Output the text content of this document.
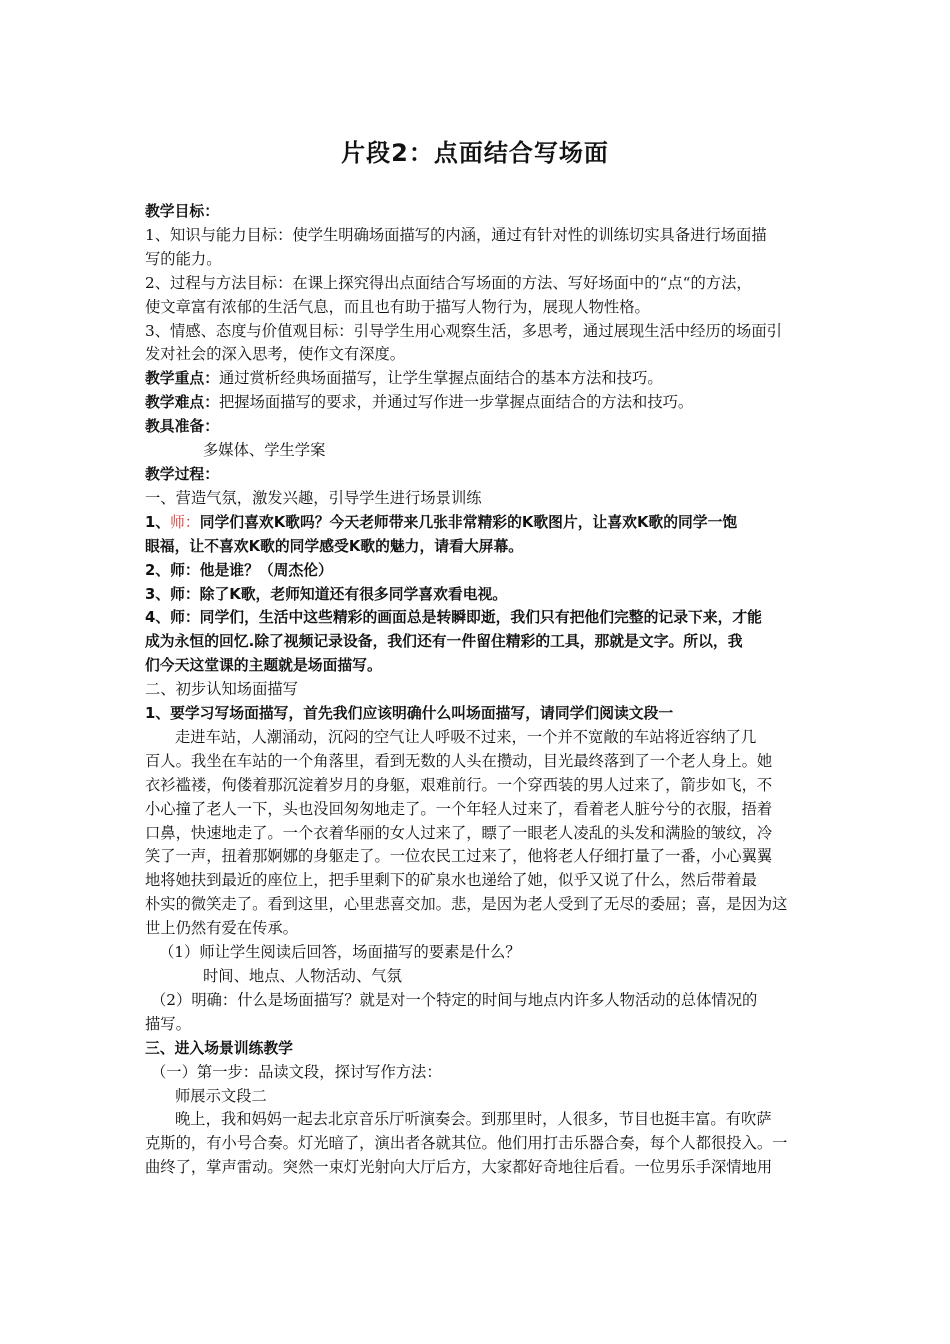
片段2：点面结合写场面
教学目标：
1、知识与能力目标：使学生明确场面描写的内涵，通过有针对性的训练切实具备进行场面描
写的能力。
2、过程与方法目标：在课上探究得出点面结合写场面的方法、写好场面中的“点“的方法，
使文章富有浓郁的生活气息，而且也有助于描写人物行为，展现人物性格。
3、情感、态度与价值观目标：引导学生用心观察生活，多思考，通过展现生活中经历的场面引
发对社会的深入思考，使作文有深度。
教学重点：通过赏析经典场面描写，让学生掌握点面结合的基本方法和技巧。
教学难点：把握场面描写的要求，并通过写作进一步掌握点面结合的方法和技巧。
教具准备：
多媒体、学生学案
教学过程：
一、营造气氛，激发兴趣，引导学生进行场景训练
1、师：同学们喜欢K歌吗？今天老师带来几张非常精彩的K歌图片，让喜欢K歌的同学一饱
眼福，让不喜欢K歌的同学感受K歌的魅力，请看大屏幕。
2、师：他是谁？（周杰伦）
3、师：除了K歌，老师知道还有很多同学喜欢看电视。
4、师：同学们，生活中这些精彩的画面总是转瞬即逝，我们只有把他们完整的记录下来，才能
成为永恒的回忆.除了视频记录设备，我们还有一件留住精彩的工具，那就是文字。所以，我
们今天这堂课的主题就是场面描写。
二、初步认知场面描写
1、要学习写场面描写，首先我们应该明确什么叫场面描写，请同学们阅读文段一
走进车站，人潮涌动，沉闷的空气让人呼吸不过来，一个并不宽敞的车站将近容纳了几
百人。我坐在车站的一个角落里，看到无数的人头在攒动，目光最终落到了一个老人身上。她
衣衫褴褛，佝偻着那沉淀着岁月的身躯，艰难前行。一个穿西装的男人过来了，箭步如飞，不
小心撞了老人一下，头也没回匆匆地走了。一个年轻人过来了，看着老人脏兮兮的衣服，捂着
口鼻，快速地走了。一个衣着华丽的女人过来了，瞟了一眼老人凌乱的头发和满脸的皱纹，冷
笑了一声，扭着那婀娜的身躯走了。一位农民工过来了，他将老人仔细打量了一番，小心翼翼
地将她扶到最近的座位上，把手里剩下的矿泉水也递给了她，似乎又说了什么，然后带着最
朴实的微笑走了。看到这里，心里悲喜交加。悲，是因为老人受到了无尽的委屈；喜，是因为这
世上仍然有爱在传承。
（1）师让学生阅读后回答，场面描写的要素是什么？
时间、地点、人物活动、气氛
（2）明确：什么是场面描写？就是对一个特定的时间与地点内许多人物活动的总体情况的
描写。
三、进入场景训练教学
（一）第一步：品读文段，探讨写作方法：
师展示文段二
晚上，我和妈妈一起去北京音乐厅听演奏会。到那里时，人很多，节目也挺丰富。有吹萨
克斯的，有小号合奏。灯光暗了，演出者各就其位。他们用打击乐器合奏，每个人都很投入。一
曲终了，掌声雷动。突然一束灯光射向大厅后方，大家都好奇地往后看。一位男乐手深情地用
